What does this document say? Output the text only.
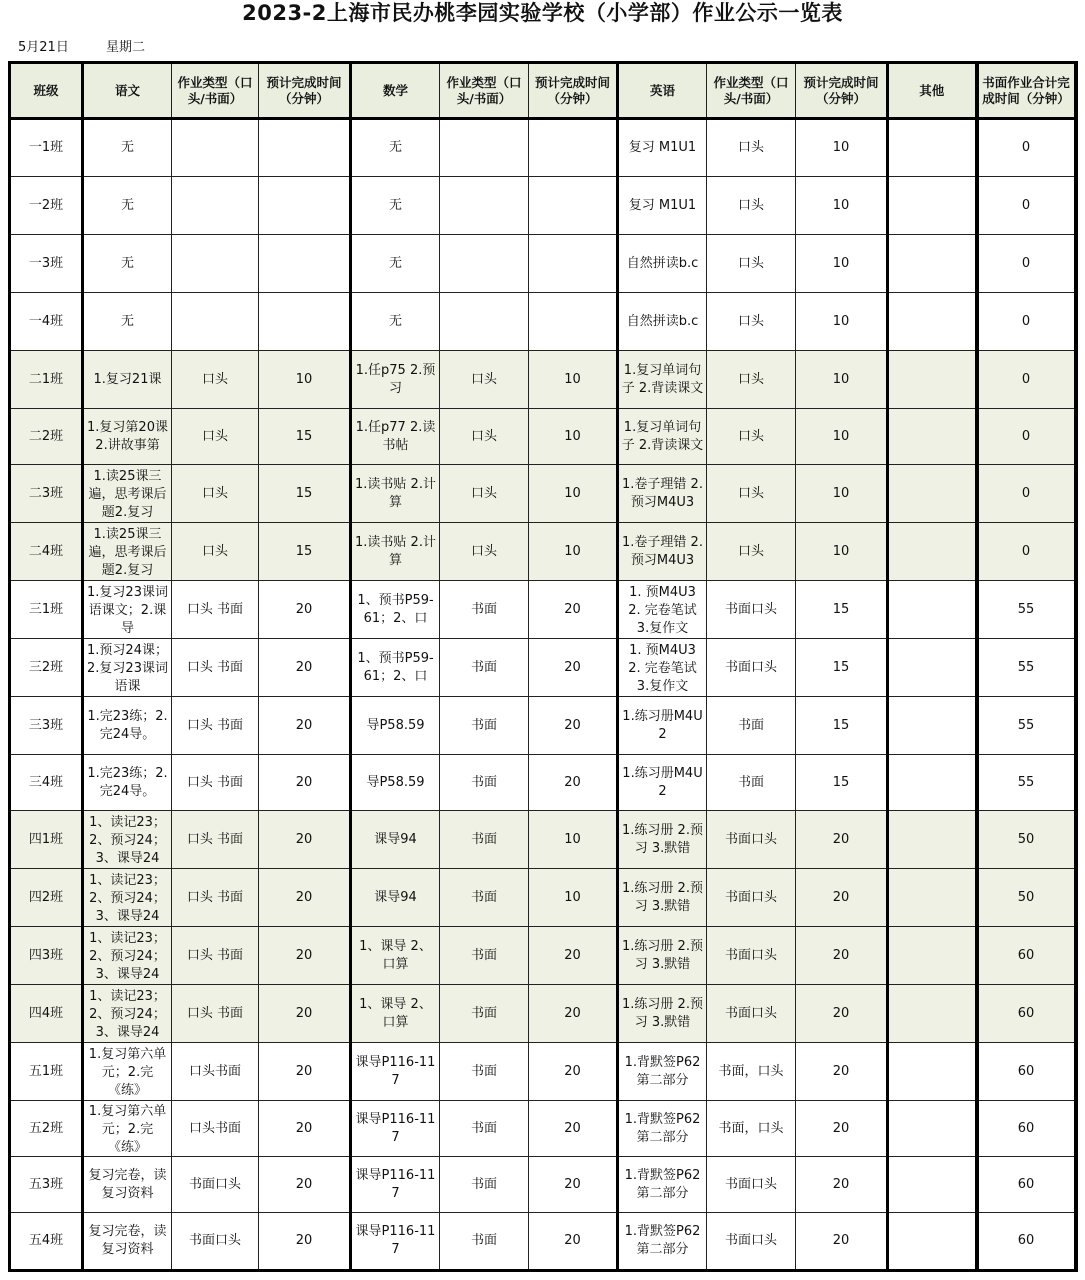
2023-2上海市民办桃李园实验学校（小学部）作业公示一览表
5月21日	星期二
班级	语文	作业类型（口头/书面）	预计完成时间（分钟）	数学	作业类型（口头/书面）	预计完成时间（分钟）	英语	作业类型（口头/书面）	预计完成时间（分钟）	其他	书面作业合计完成时间（分钟）

一1班	无			无			复习 M1U1	口头	10		0

一2班	无			无			复习 M1U1	口头	10		0

一3班	无			无			自然拼读b.c	口头	10		0

一4班	无			无			自然拼读b.c	口头	10		0

二1班	1.复习21课	口头	10	1.任p75 2.预习	口头	10	1.复习单词句子 2.背读课文	口头	10		0

二2班	1.复习第20课 2.讲故事第	口头	15	1.任p77 2.读书帖	口头	10	1.复习单词句子 2.背读课文	口头	10		0

二3班	1.读25课三遍，思考课后题2.复习	口头	15	1.读书贴 2.计算	口头	10	1.卷子理错 2.预习M4U3	口头	10		0

二4班	1.读25课三遍，思考课后题2.复习	口头	15	1.读书贴 2.计算	口头	10	1.卷子理错 2.预习M4U3	口头	10		0

三1班	1.复习23课词语课文；2.课导	口头 书面	20	1、预书P59-61；2、口	书面	20	1. 预M4U3 2. 完卷笔试 3.复作文	书面口头	15		55

三2班	1.预习24课；2.复习23课词语课	口头 书面	20	1、预书P59-61；2、口	书面	20	1. 预M4U3 2. 完卷笔试 3.复作文	书面口头	15		55

三3班	1.完23练；2.完24导。	口头 书面	20	导P58.59	书面	20	1.练习册M4U2	书面	15		55

三4班	1.完23练；2.完24导。	口头 书面	20	导P58.59	书面	20	1.练习册M4U2	书面	15		55

四1班	1、读记23；2、预习24；3、课导24	口头 书面	20	课导94	书面	10	1.练习册 2.预习 3.默错	书面口头	20		50

四2班	1、读记23；2、预习24；3、课导24	口头 书面	20	课导94	书面	10	1.练习册 2.预习 3.默错	书面口头	20		50

四3班	1、读记23；2、预习24；3、课导24	口头 书面	20	1、课导 2、口算	书面	20	1.练习册 2.预习 3.默错	书面口头	20		60

四4班	1、读记23；2、预习24；3、课导24	口头 书面	20	1、课导 2、口算	书面	20	1.练习册 2.预习 3.默错	书面口头	20		60

五1班	1.复习第六单元；2.完《练》	口头书面	20	课导P116-117	书面	20	1.背默签P62第二部分	书面，口头	20		60

五2班	1.复习第六单元；2.完《练》	口头书面	20	课导P116-117	书面	20	1.背默签P62第二部分	书面，口头	20		60

五3班	复习完卷，读复习资料	书面口头	20	课导P116-117	书面	20	1.背默签P62第二部分	书面口头	20		60

五4班	复习完卷，读复习资料	书面口头	20	课导P116-117	书面	20	1.背默签P62第二部分	书面口头	20		60
